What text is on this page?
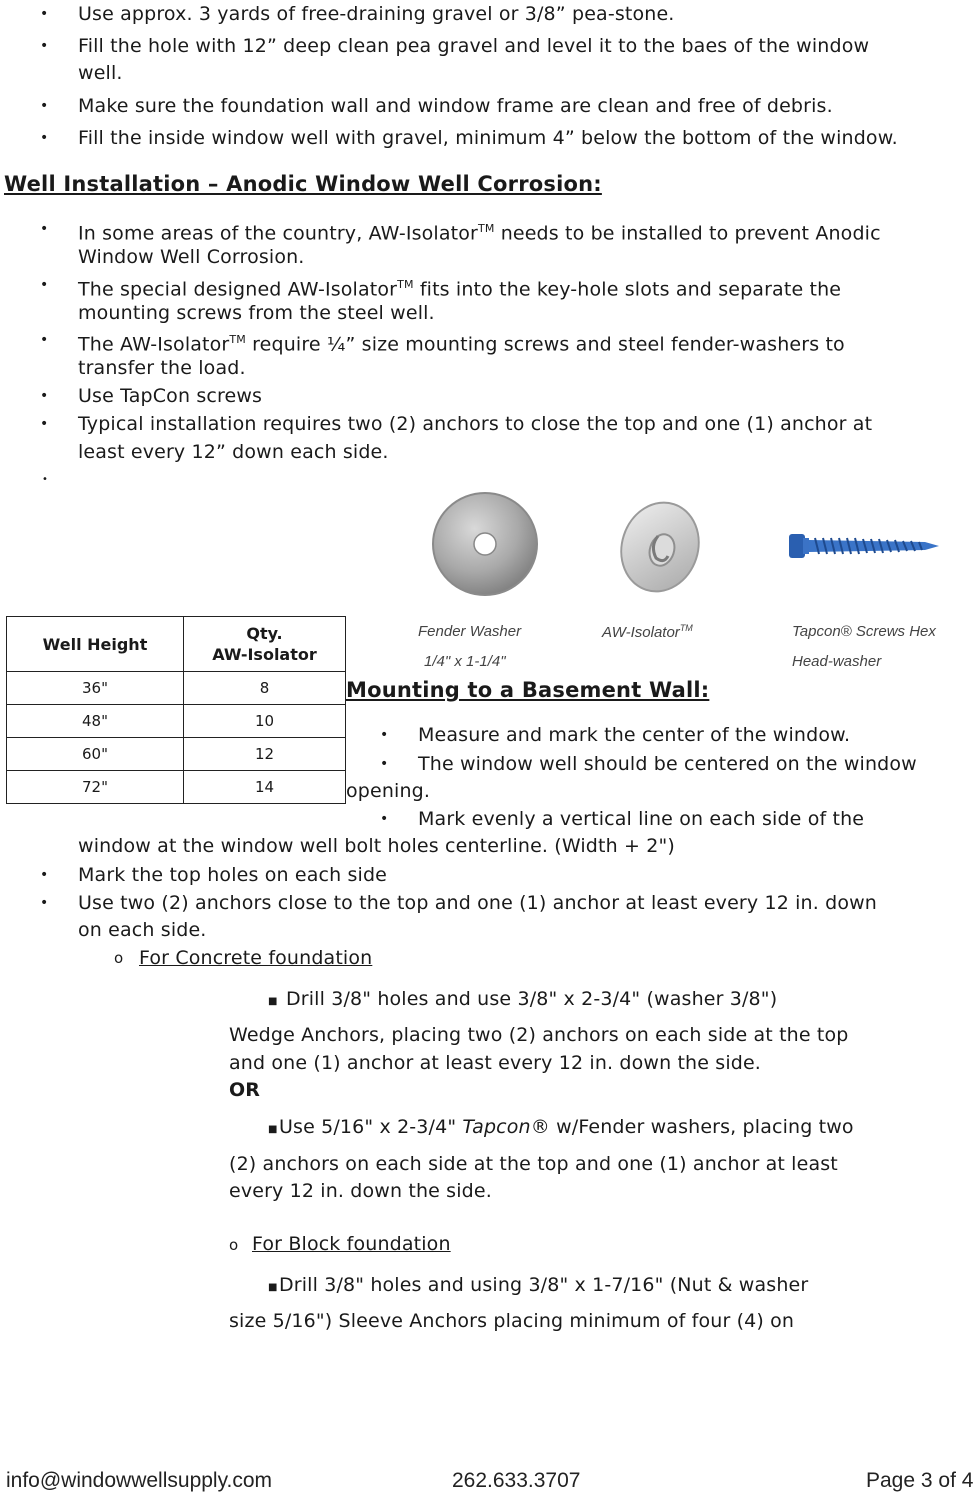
• Use approx. 3 yards of free-draining gravel or 3/8” pea-stone.
• Fill the hole with 12” deep clean pea gravel and level it to the baes of the window
well.
• Make sure the foundation wall and window frame are clean and free of debris.
• Fill the inside window well with gravel, minimum 4” below the bottom of the window.
Well Installation – Anodic Window Well Corrosion:
• In some areas of the country, AW-Isolator™ needs to be installed to prevent Anodic
Window Well Corrosion.
• The special designed AW-Isolator™ fits into the key-hole slots and separate the
mounting screws from the steel well.
• The AW-Isolator™ require ¼” size mounting screws and steel fender-washers to
transfer the load.
• Use TapCon screws
• Typical installation requires two (2) anchors to close the top and one (1) anchor at
least every 12” down each side.
•
Fender Washer
1/4" x 1-1/4"
AW-Isolator™	Tapcon® Screws Hex
Head-washer
Well Height	Qty.
AW-Isolator
36"	8
48"	10
60"	12
72"	14
Mounting to a Basement Wall:
• Measure and mark the center of the window.
• The window well should be centered on the window
opening.
• Mark evenly a vertical line on each side of the
window at the window well bolt holes centerline. (Width + 2")
• Mark the top holes on each side
• Use two (2) anchors close to the top and one (1) anchor at least every 12 in. down
on each side.
o For Concrete foundation
■ Drill 3/8" holes and use 3/8" x 2-3/4" (washer 3/8")
Wedge Anchors, placing two (2) anchors on each side at the top
and one (1) anchor at least every 12 in. down the side.
OR
■ Use 5/16" x 2-3/4" Tapcon® w/Fender washers, placing two
(2) anchors on each side at the top and one (1) anchor at least
every 12 in. down the side.
o For Block foundation
■ Drill 3/8" holes and using 3/8" x 1-7/16" (Nut & washer
size 5/16") Sleeve Anchors placing minimum of four (4) on
info@windowwellsupply.com	262.633.3707	Page 3 of 4
